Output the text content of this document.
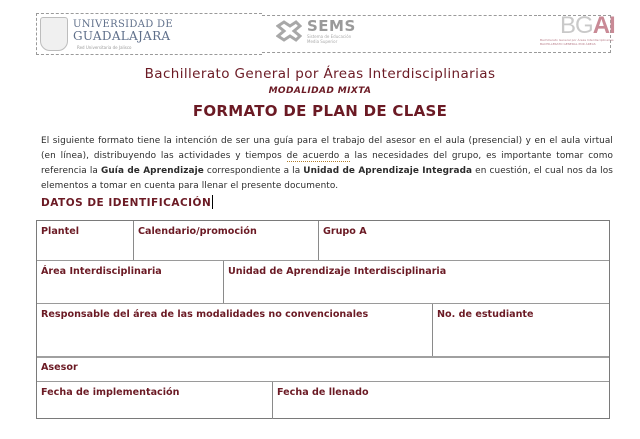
UNIVERSIDAD DE
GUADALAJARA
Red Universitaria de Jalisco
SEMS
Sistema de Educación
Media Superior
BGAI
Bachillerato General por Áreas Interdisciplinarias
BACHILLERATO GENERAL POR ÁREAS
Bachillerato General por Áreas Interdisciplinarias
MODALIDAD MIXTA
FORMATO DE PLAN DE CLASE
El siguiente formato tiene la intención de ser una guía para el trabajo del asesor en el aula (presencial) y en el aula virtual (en línea), distribuyendo las actividades y tiempos de acuerdo a las necesidades del grupo, es importante tomar como referencia la Guía de Aprendizaje correspondiente a la Unidad de Aprendizaje Integrada en cuestión, el cual nos da los elementos a tomar en cuenta para llenar el presente documento.
DATOS DE IDENTIFICACIÓN
Plantel	Calendario/promoción	Grupo A
Área Interdisciplinaria	Unidad de Aprendizaje Interdisciplinaria
Responsable del área de las modalidades no convencionales	No. de estudiante
Asesor
Fecha de implementación	Fecha de llenado
